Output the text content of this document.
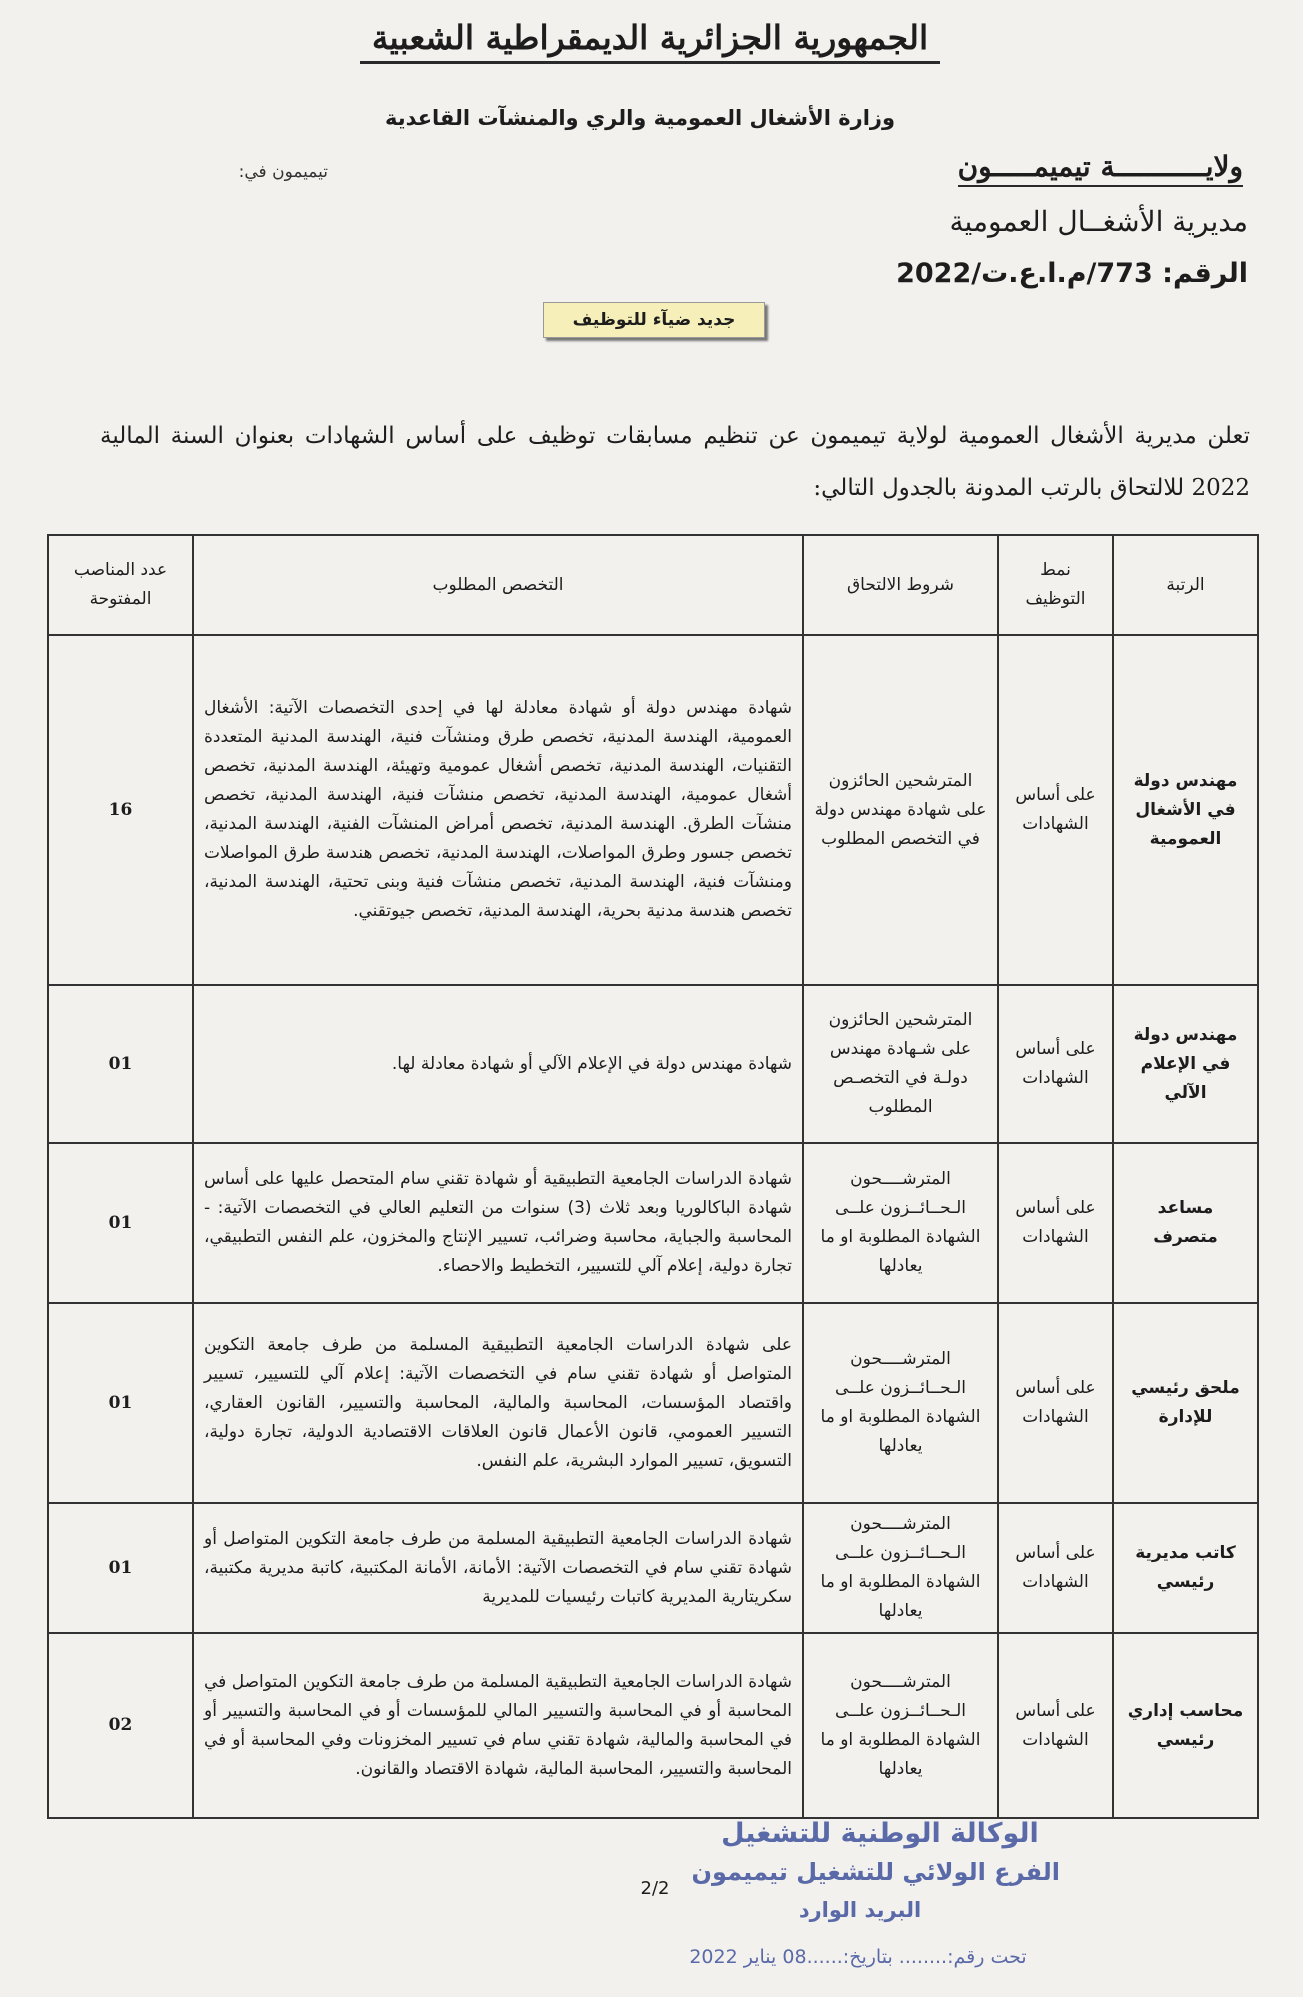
الجمهورية الجزائرية الديمقراطية الشعبية
وزارة الأشغال العمومية والري والمنشآت القاعدية
تيميمون في:	ولايـــــــــــة تيميمـــــون
مديرية الأشغــال العمومية
الرقم: 773/م.ا.ع.ت/2022
جديد ضيآء للتوظيف
تعلن مديرية الأشغال العمومية لولاية تيميمون عن تنظيم مسابقات توظيف على أساس الشهادات بعنوان السنة المالية 2022 للالتحاق بالرتب المدونة بالجدول التالي:
الرتبة	نمط التوظيف	شروط الالتحاق	التخصص المطلوب	عدد المناصب المفتوحة
مهندس دولة في الأشغال العمومية	على أساس الشهادات	المترشحين الحائزون على شهادة مهندس دولة في التخصص المطلوب	شهادة مهندس دولة أو شهادة معادلة لها في إحدى التخصصات الآتية: الأشغال العمومية، الهندسة المدنية، تخصص طرق ومنشآت فنية، الهندسة المدنية المتعددة التقنيات، الهندسة المدنية، تخصص أشغال عمومية وتهيئة، الهندسة المدنية، تخصص أشغال عمومية، الهندسة المدنية، تخصص منشآت فنية، الهندسة المدنية، تخصص منشآت الطرق. الهندسة المدنية، تخصص أمراض المنشآت الفنية، الهندسة المدنية، تخصص جسور وطرق المواصلات، الهندسة المدنية، تخصص هندسة طرق المواصلات ومنشآت فنية، الهندسة المدنية، تخصص منشآت فنية وبنى تحتية، الهندسة المدنية، تخصص هندسة مدنية بحرية، الهندسة المدنية، تخصص جيوتقني.	16
مهندس دولة في الإعلام الآلي	على أساس الشهادات	المترشحين الحائزون على شـهادة مهندس دولـة في التخصـص المطلوب	شهادة مهندس دولة في الإعلام الآلي أو شهادة معادلة لها.	01
مساعد متصرف	على أساس الشهادات	المترشــــحون الـحــائــزون علــى الشهادة المطلوبة او ما يعادلها	شهادة الدراسات الجامعية التطبيقية أو شهادة تقني سام المتحصل عليها على أساس شهادة الباكالوريا وبعد ثلاث (3) سنوات من التعليم العالي في التخصصات الآتية: - المحاسبة والجباية، محاسبة وضرائب، تسيير الإنتاج والمخزون، علم النفس التطبيقي، تجارة دولية، إعلام آلي للتسيير، التخطيط والاحصاء.	01
ملحق رئيسي للإدارة	على أساس الشهادات	المترشــــحون الـحــائــزون علــى الشهادة المطلوبة او ما يعادلها	على شهادة الدراسات الجامعية التطبيقية المسلمة من طرف جامعة التكوين المتواصل أو شهادة تقني سام في التخصصات الآتية: إعلام آلي للتسيير، تسيير واقتصاد المؤسسات، المحاسبة والمالية، المحاسبة والتسيير، القانون العقاري، التسيير العمومي، قانون الأعمال قانون العلاقات الاقتصادية الدولية، تجارة دولية، التسويق، تسيير الموارد البشرية، علم النفس.	01
كاتب مديرية رئيسي	على أساس الشهادات	المترشــــحون الـحــائــزون علــى الشهادة المطلوبة او ما يعادلها	شهادة الدراسات الجامعية التطبيقية المسلمة من طرف جامعة التكوين المتواصل أو شهادة تقني سام في التخصصات الآتية: الأمانة، الأمانة المكتبية، كاتبة مديرية مكتبية، سكريتارية المديرية كاتبات رئيسيات للمديرية	01
محاسب إداري رئيسي	على أساس الشهادات	المترشــــحون الـحــائــزون علــى الشهادة المطلوبة او ما يعادلها	شهادة الدراسات الجامعية التطبيقية المسلمة من طرف جامعة التكوين المتواصل في المحاسبة أو في المحاسبة والتسيير المالي للمؤسسات أو في المحاسبة والتسيير أو في المحاسبة والمالية، شهادة تقني سام في تسيير المخزونات وفي المحاسبة أو في المحاسبة والتسيير، المحاسبة المالية، شهادة الاقتصاد والقانون.	02
الوكالة الوطنية للتشغيل
الفرع الولائي للتشغيل تيميمون
البريد الوارد
2/2
تحت رقم:........ بتاريخ:......08 يناير 2022
